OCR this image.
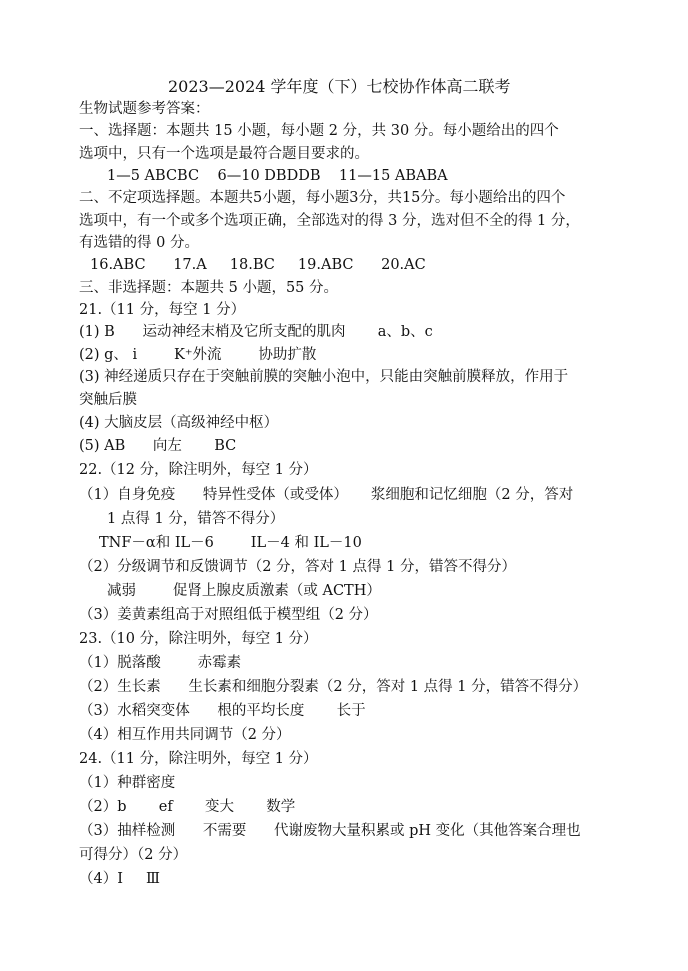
2023—2024 学年度（下）七校协作体高二联考
生物试题参考答案：
一、选择题：本题共 15 小题，每小题 2 分，共 30 分。每小题给出的四个
选项中，只有一个选项是最符合题目要求的。
1—5 ABCBC    6—10 DBDDB    11—15 ABABA
二、不定项选择题。本题共5小题，每小题3分，共15分。每小题给出的四个
选项中，有一个或多个选项正确，全部选对的得 3 分，选对但不全的得 1 分，
有选错的得 0 分。
16.ABC      17.A     18.BC     19.ABC      20.AC
三、非选择题：本题共 5 小题，55 分。
21.（11 分，每空 1 分）
(1) B      运动神经末梢及它所支配的肌肉       a、b、c
(2) g、 i        K⁺外流        协助扩散
(3) 神经递质只存在于突触前膜的突触小泡中，只能由突触前膜释放，作用于
突触后膜
(4) 大脑皮层（高级神经中枢）
(5) AB      向左       BC
22.（12 分，除注明外，每空 1 分）
（1）自身免疫      特异性受体（或受体）     浆细胞和记忆细胞（2 分，答对
1 点得 1 分，错答不得分）
TNF－α和 IL－6        IL－4 和 IL－10
（2）分级调节和反馈调节（2 分，答对 1 点得 1 分，错答不得分）
减弱        促肾上腺皮质激素（或 ACTH）
（3）姜黄素组高于对照组低于模型组（2 分）
23.（10 分，除注明外，每空 1 分）
（1）脱落酸        赤霉素
（2）生长素      生长素和细胞分裂素（2 分，答对 1 点得 1 分，错答不得分）
（3）水稻突变体      根的平均长度       长于
（4）相互作用共同调节（2 分）
24.（11 分，除注明外，每空 1 分）
（1）种群密度
（2）b       ef       变大       数学
（3）抽样检测      不需要      代谢废物大量积累或 pH 变化（其他答案合理也
可得分）（2 分）
（4）Ⅰ     Ⅲ
